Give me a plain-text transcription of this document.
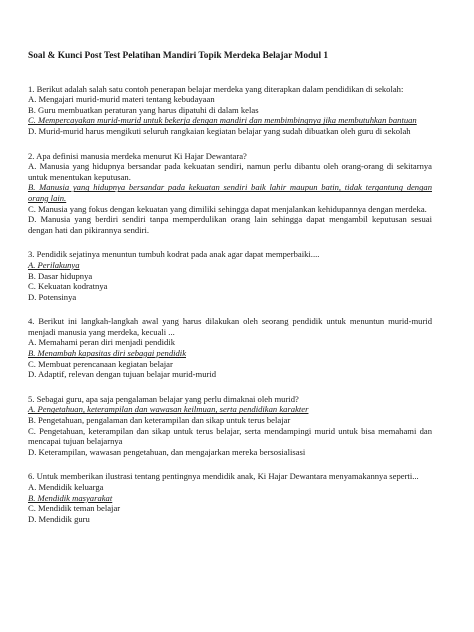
Soal & Kunci Post Test Pelatihan Mandiri Topik Merdeka Belajar Modul 1

1. Berikut adalah salah satu contoh penerapan belajar merdeka yang diterapkan dalam pendidikan di sekolah:

A. Mengajari murid-murid materi tentang kebudayaan

B. Guru membuatkan peraturan yang harus dipatuhi di dalam kelas

C. Mempercayakan murid-murid untuk bekerja dengan mandiri dan membimbingnya jika membutuhkan bantuan

D. Murid-murid harus mengikuti seluruh rangkaian kegiatan belajar yang sudah dibuatkan oleh guru di sekolah

2. Apa definisi manusia merdeka menurut Ki Hajar Dewantara?

A. Manusia yang hidupnya bersandar pada kekuatan sendiri, namun perlu dibantu oleh orang-orang di sekitarnya untuk menentukan keputusan.

B. Manusia yang hidupnya bersandar pada kekuatan sendiri baik lahir maupun batin, tidak tergantung dengan orang lain.

C. Manusia yang fokus dengan kekuatan yang dimiliki sehingga dapat menjalankan kehidupannya dengan merdeka.

D. Manusia yang berdiri sendiri tanpa memperdulikan orang lain sehingga dapat mengambil keputusan sesuai dengan hati dan pikirannya sendiri.

3. Pendidik sejatinya menuntun tumbuh kodrat pada anak agar dapat memperbaiki....

A. Perilakunya

B. Dasar hidupnya

C. Kekuatan kodratnya

D. Potensinya

4. Berikut ini langkah-langkah awal yang harus dilakukan oleh seorang pendidik untuk menuntun murid-murid menjadi manusia yang merdeka, kecuali ...

A. Memahami peran diri menjadi pendidik

B. Menambah kapasitas diri sebagai pendidik

C. Membuat perencanaan kegiatan belajar

D. Adaptif, relevan dengan tujuan belajar murid-murid

5. Sebagai guru, apa saja pengalaman belajar yang perlu dimaknai oleh murid?

A. Pengetahuan, keterampilan dan wawasan keilmuan, serta pendidikan karakter

B. Pengetahuan, pengalaman dan keterampilan dan sikap untuk terus belajar

C. Pengetahuan, keterampilan dan sikap untuk terus belajar, serta mendampingi murid untuk bisa memahami dan mencapai tujuan belajarnya

D. Keterampilan, wawasan pengetahuan, dan mengajarkan mereka bersosialisasi

6. Untuk memberikan ilustrasi tentang pentingnya mendidik anak, Ki Hajar Dewantara menyamakannya seperti...

A. Mendidik keluarga

B. Mendidik masyarakat

C. Mendidik teman belajar

D. Mendidik guru
